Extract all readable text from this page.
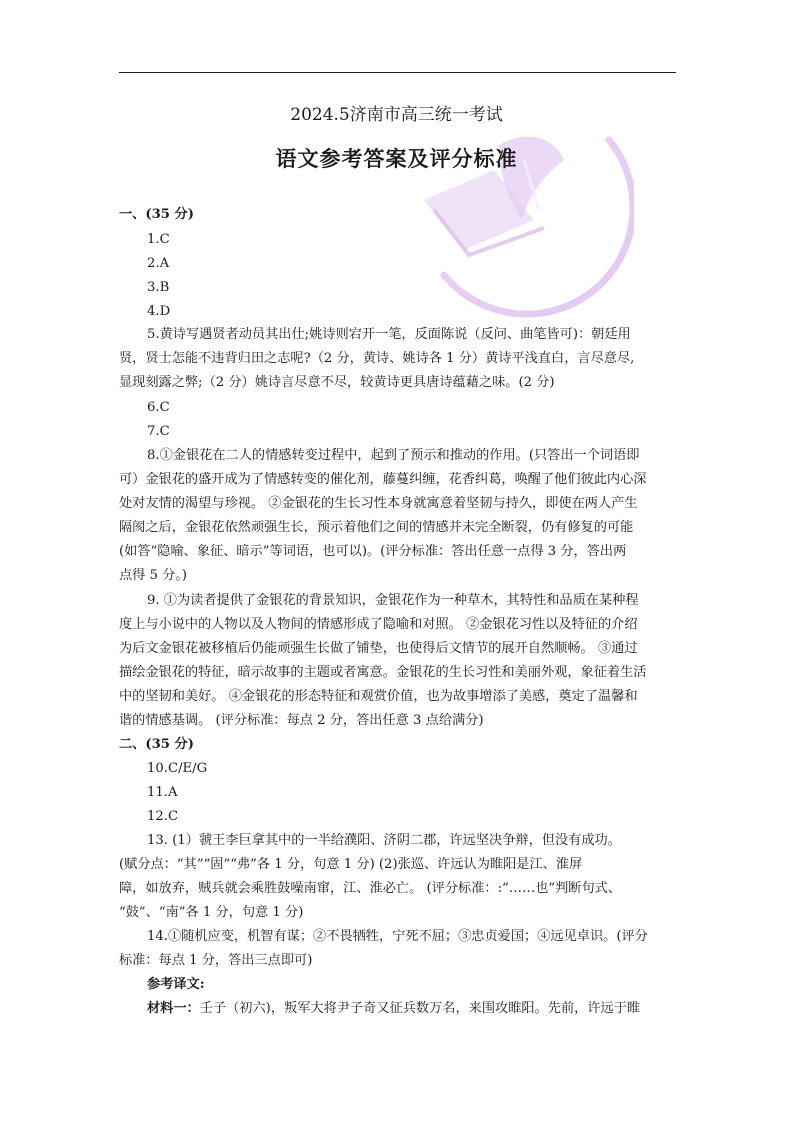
2024.5济南市高三统一考试
语文参考答案及评分标准
一、(35 分)
1.C
2.A
3.B
4.D
5.黄诗写遇贤者动员其出仕;姚诗则宕开一笔，反面陈说（反问、曲笔皆可)：朝廷用
贤，贤士怎能不违背归田之志呢?（2 分，黄诗、姚诗各 1 分）黄诗平浅直白，言尽意尽,
显现刻露之弊;（2 分）姚诗言尽意不尽，较黄诗更具唐诗蕴藉之味。(2 分)
6.C
7.C
8.①金银花在二人的情感转变过程中，起到了预示和推动的作用。(只答出一个词语即
可）金银花的盛开成为了情感转变的催化剂，藤蔓纠缠，花香纠葛，唤醒了他们彼此内心深
处对友情的渴望与珍视。 ②金银花的生长习性本身就寓意着坚韧与持久，即使在两人产生
隔阂之后，金银花依然顽强生长，预示着他们之间的情感并未完全断裂，仍有修复的可能
(如答“隐喻、象征、暗示”等词语，也可以)。(评分标准：答出任意一点得 3 分，答出两
点得 5 分。)
9. ①为读者提供了金银花的背景知识，金银花作为一种草木，其特性和品质在某种程
度上与小说中的人物以及人物间的情感形成了隐喻和对照。 ②金银花习性以及特征的介绍
为后文金银花被移植后仍能顽强生长做了铺垫，也使得后文情节的展开自然顺畅。 ③通过
描绘金银花的特征，暗示故事的主题或者寓意。金银花的生长习性和美丽外观，象征着生活
中的坚韧和美好。 ④金银花的形态特征和观赏价值，也为故事增添了美感，奠定了温馨和
谐的情感基调。 (评分标准：每点 2 分，答出任意 3 点给满分)
二、(35 分)
10.C/E/G
11.A
12.C
13. (1）虢王李巨拿其中的一半给濮阳、济阴二郡，许远坚决争辩，但没有成功。
(赋分点：“其”“固”“弗”各 1 分，句意 1 分) (2)张巡、许远认为睢阳是江、淮屏
障，如放弃，贼兵就会乘胜鼓噪南窜，江、淮必亡。 (评分标准：:“……也”判断句式、
“鼓”、“南”各 1 分，句意 1 分)
14.①随机应变，机智有谋；②不畏牺牲，宁死不屈；③忠贞爱国；④远见卓识。(评分
标准：每点 1 分，答出三点即可)
参考译文:
材料一：壬子（初六)，叛军大将尹子奇又征兵数万名，来围攻睢阳。先前，许远于睢
